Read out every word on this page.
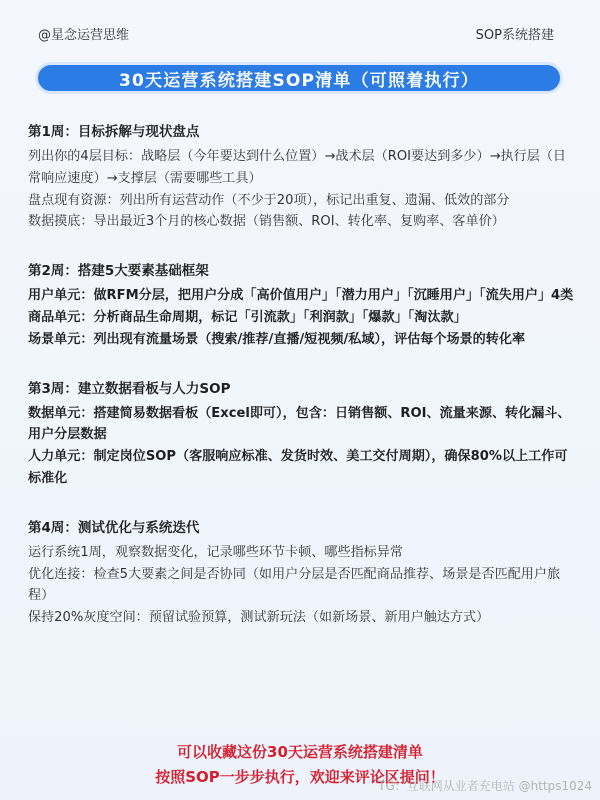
@星念运营思维	SOP系统搭建
30天运营系统搭建SOP清单（可照着执行）
第1周：目标拆解与现状盘点

列出你的4层目标：战略层（今年要达到什么位置）→战术层（ROI要达到多少）→执行层（日常响应速度）→支撑层（需要哪些工具）

盘点现有资源：列出所有运营动作（不少于20项），标记出重复、遗漏、低效的部分

数据摸底：导出最近3个月的核心数据（销售额、ROI、转化率、复购率、客单价）

第2周：搭建5大要素基础框架

用户单元：做RFM分层，把用户分成「高价值用户」「潜力用户」「沉睡用户」「流失用户」4类

商品单元：分析商品生命周期，标记「引流款」「利润款」「爆款」「淘汰款」

场景单元：列出现有流量场景（搜索/推荐/直播/短视频/私域），评估每个场景的转化率

第3周：建立数据看板与人力SOP

数据单元：搭建简易数据看板（Excel即可），包含：日销售额、ROI、流量来源、转化漏斗、用户分层数据

人力单元：制定岗位SOP（客服响应标准、发货时效、美工交付周期），确保80%以上工作可标准化

第4周：测试优化与系统迭代

运行系统1周，观察数据变化，记录哪些环节卡顿、哪些指标异常

优化连接：检查5大要素之间是否协同（如用户分层是否匹配商品推荐、场景是否匹配用户旅程）

保持20%灰度空间：预留试验预算，测试新玩法（如新场景、新用户触达方式）

可以收藏这份30天运营系统搭建清单
按照SOP一步步执行，欢迎来评论区提问！
TG：互联网从业者充电站 @https1024
